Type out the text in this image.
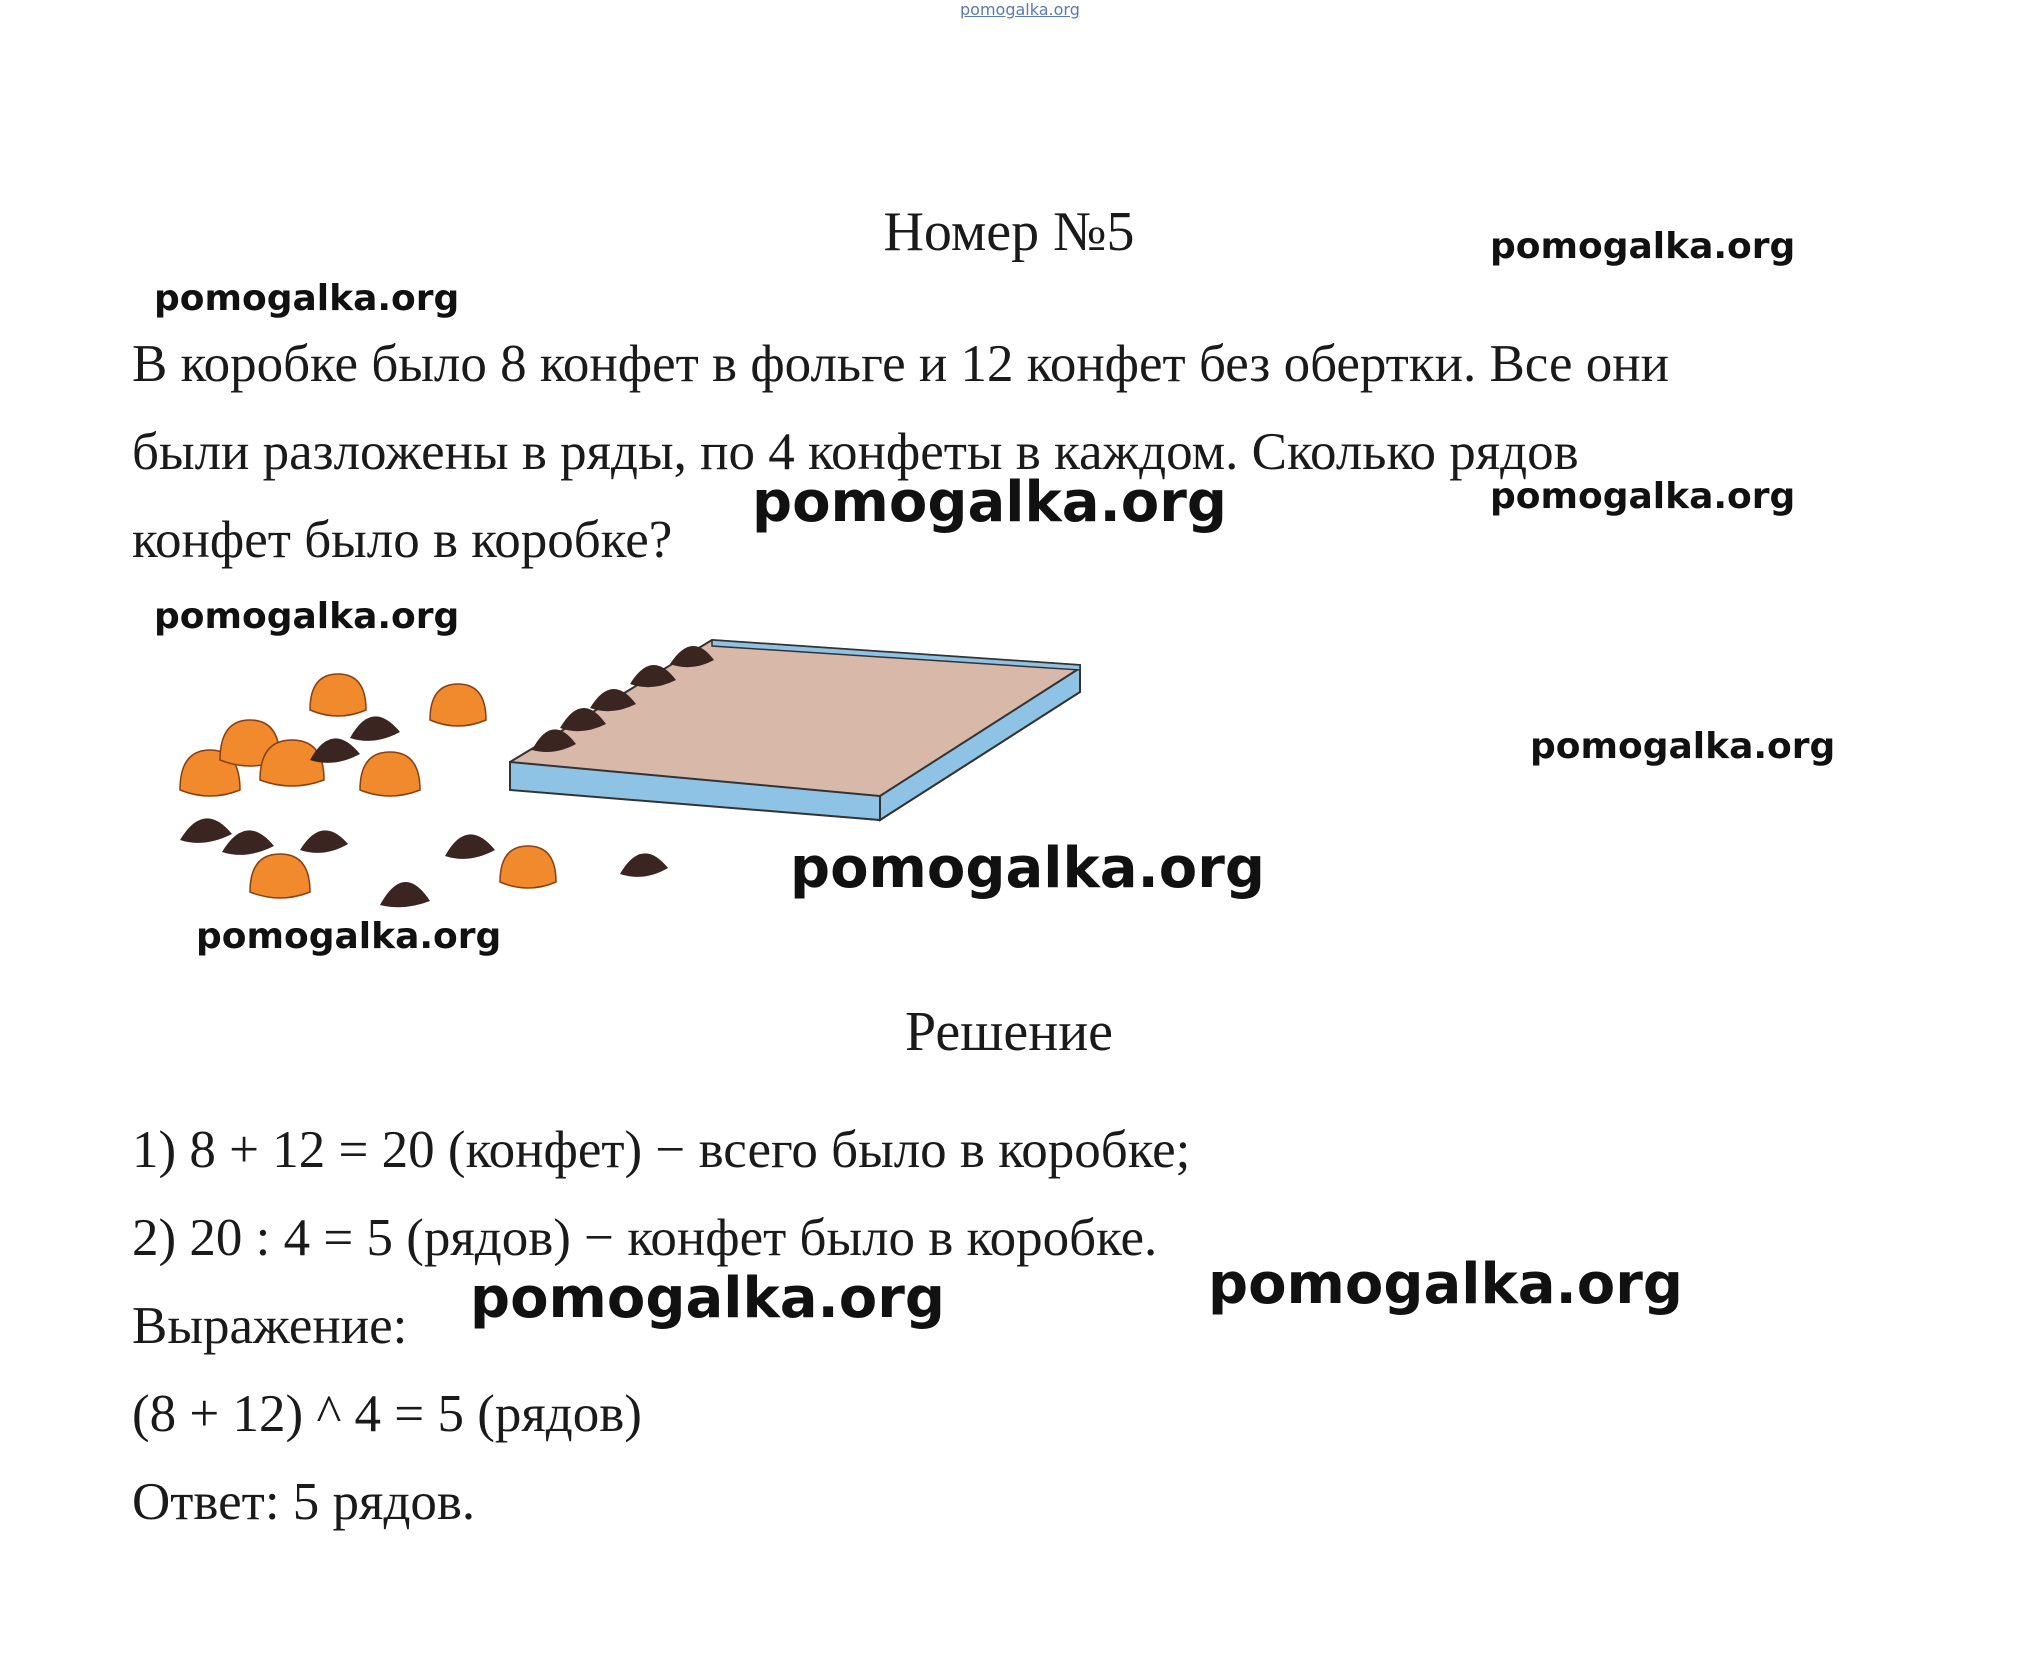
pomogalka.org
Номер №5

В коробке было 8 конфет в фольге и 12 конфет без обертки. Все они

были разложены в ряды, по 4 конфеты в каждом. Сколько рядов

конфет было в коробке?

Решение
1) 8 + 12 = 20 (конфет) − всего было в коробке;
2) 20 : 4 = 5 (рядов) − конфет было в коробке.
Выражение:
(8 + 12) ^ 4 = 5 (рядов)
Ответ: 5 рядов.
pomogalka.org
pomogalka.org
pomogalka.org	pomogalka.org
pomogalka.org
pomogalka.org
pomogalka.org
pomogalka.org
pomogalka.org
pomogalka.org
